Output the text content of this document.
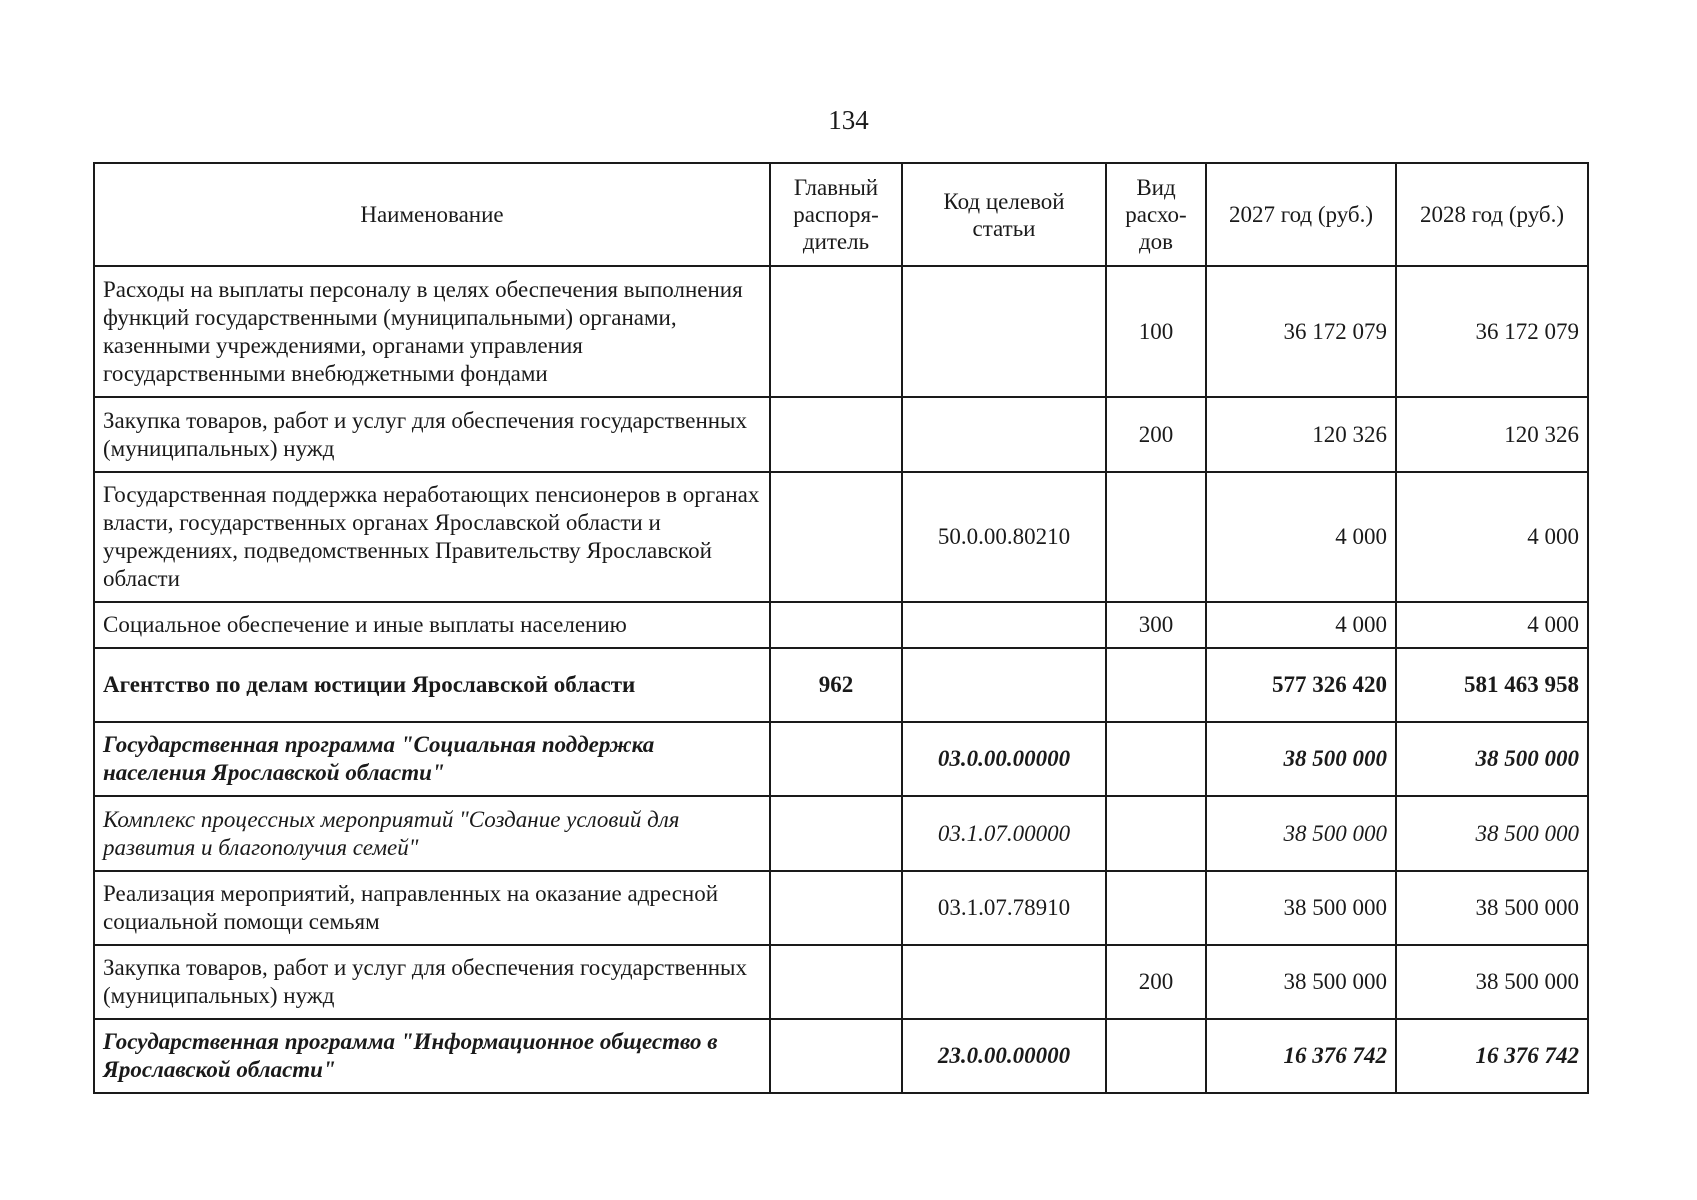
134
Наименование	Главный распоря-дитель	Код целевой статьи	Вид расхо-дов	2027 год (руб.)	2028 год (руб.)
Расходы на выплаты персоналу в целях обеспечения выполнения функций государственными (муниципальными) органами, казенными учреждениями, органами управления государственными внебюджетными фондами			100	36 172 079	36 172 079
Закупка товаров, работ и услуг для обеспечения государственных (муниципальных) нужд			200	120 326	120 326
Государственная поддержка неработающих пенсионеров в органах власти, государственных органах Ярославской области и учреждениях, подведомственных Правительству Ярославской области		50.0.00.80210		4 000	4 000
Социальное обеспечение и иные выплаты населению			300	4 000	4 000
Агентство по делам юстиции Ярославской области	962			577 326 420	581 463 958
Государственная программа "Социальная поддержка населения Ярославской области"		03.0.00.00000		38 500 000	38 500 000
Комплекс процессных мероприятий "Создание условий для развития и благополучия семей"		03.1.07.00000		38 500 000	38 500 000
Реализация мероприятий, направленных на оказание адресной социальной помощи семьям		03.1.07.78910		38 500 000	38 500 000
Закупка товаров, работ и услуг для обеспечения государственных (муниципальных) нужд			200	38 500 000	38 500 000
Государственная программа "Информационное общество в Ярославской области"		23.0.00.00000		16 376 742	16 376 742
